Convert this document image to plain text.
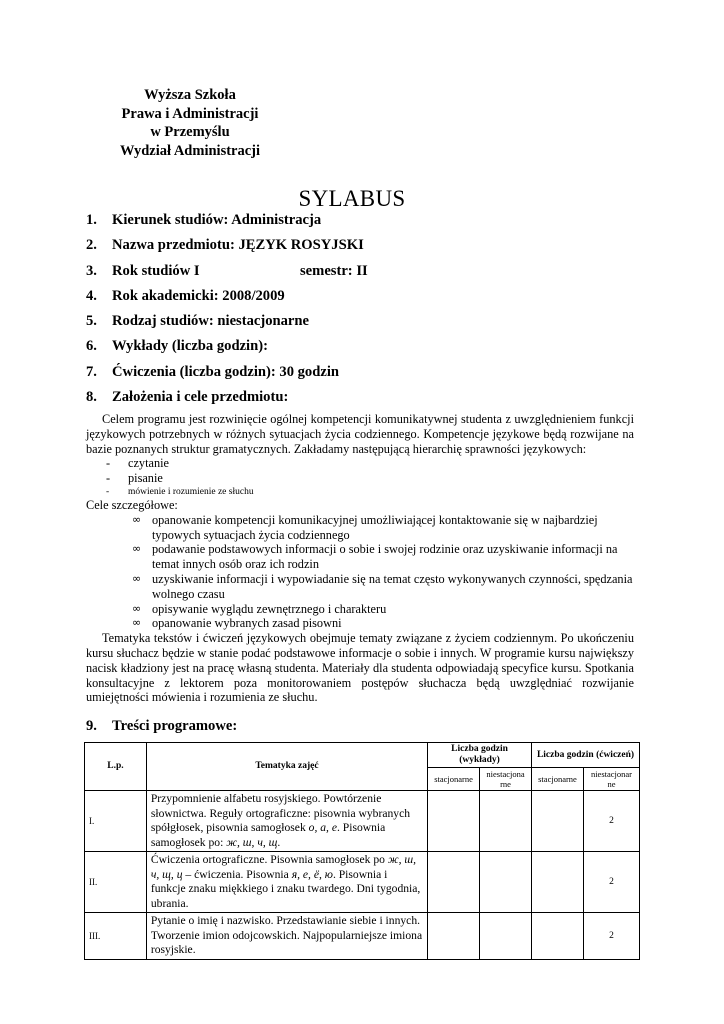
Wyższa Szkoła
Prawa i Administracji
w Przemyślu
Wydział Administracji
SYLABUS
1. Kierunek studiów: Administracja
2. Nazwa przedmiotu: JĘZYK ROSYJSKI
3. Rok studiów I	semestr: II
4. Rok akademicki: 2008/2009
5. Rodzaj studiów: niestacjonarne
6. Wykłady (liczba godzin):
7. Ćwiczenia (liczba godzin): 30 godzin
8. Założenia i cele przedmiotu:

Celem programu jest rozwinięcie ogólnej kompetencji komunikatywnej studenta z uwzględnieniem funkcji językowych potrzebnych w różnych sytuacjach życia codziennego. Kompetencje językowe będą rozwijane na bazie poznanych struktur gramatycznych. Zakładamy następującą hierarchię sprawności językowych:

- czytanie
- pisanie
- mówienie i rozumienie ze słuchu

Cele szczegółowe:

∞ opanowanie kompetencji komunikacyjnej umożliwiającej kontaktowanie się w najbardziej typowych sytuacjach życia codziennego
∞ podawanie podstawowych informacji o sobie i swojej rodzinie oraz uzyskiwanie informacji na temat innych osób oraz ich rodzin
∞ uzyskiwanie informacji i wypowiadanie się na temat często wykonywanych czynności, spędzania wolnego czasu
∞ opisywanie wyglądu zewnętrznego i charakteru
∞ opanowanie wybranych zasad pisowni

Tematyka tekstów i ćwiczeń językowych obejmuje tematy związane z życiem codziennym. Po ukończeniu kursu słuchacz będzie w stanie podać podstawowe informacje o sobie i innych. W programie kursu największy nacisk kładziony jest na pracę własną studenta. Materiały dla studenta odpowiadają specyfice kursu. Spotkania konsultacyjne z lektorem poza monitorowaniem postępów słuchacza będą uwzględniać rozwijanie umiejętności mówienia i rozumienia ze słuchu.

9. Treści programowe:
L.p.	Tematyka zajęć	Liczba godzin (wykłady)		Liczba godzin (ćwiczeń)	
		stacjonarne	niestacjona rne	stacjonarne	niestacjonar ne
I.	Przypomnienie alfabetu rosyjskiego. Powtórzenie słownictwa. Reguły ortograficzne: pisownia wybranych spółgłosek, pisownia samogłosek о, а, е. Pisownia samogłosek po: ж, ш, ч, щ.				2
II.	Ćwiczenia ortograficzne. Pisownia samogłosek po ж, ш, ч, щ, ц – ćwiczenia. Pisownia я, е, ё, ю. Pisownia i funkcje znaku miękkiego i znaku twardego. Dni tygodnia, ubrania.				2
III.	Pytanie o imię i nazwisko. Przedstawianie siebie i innych. Tworzenie imion odojcowskich. Najpopularniejsze imiona rosyjskie.				2
